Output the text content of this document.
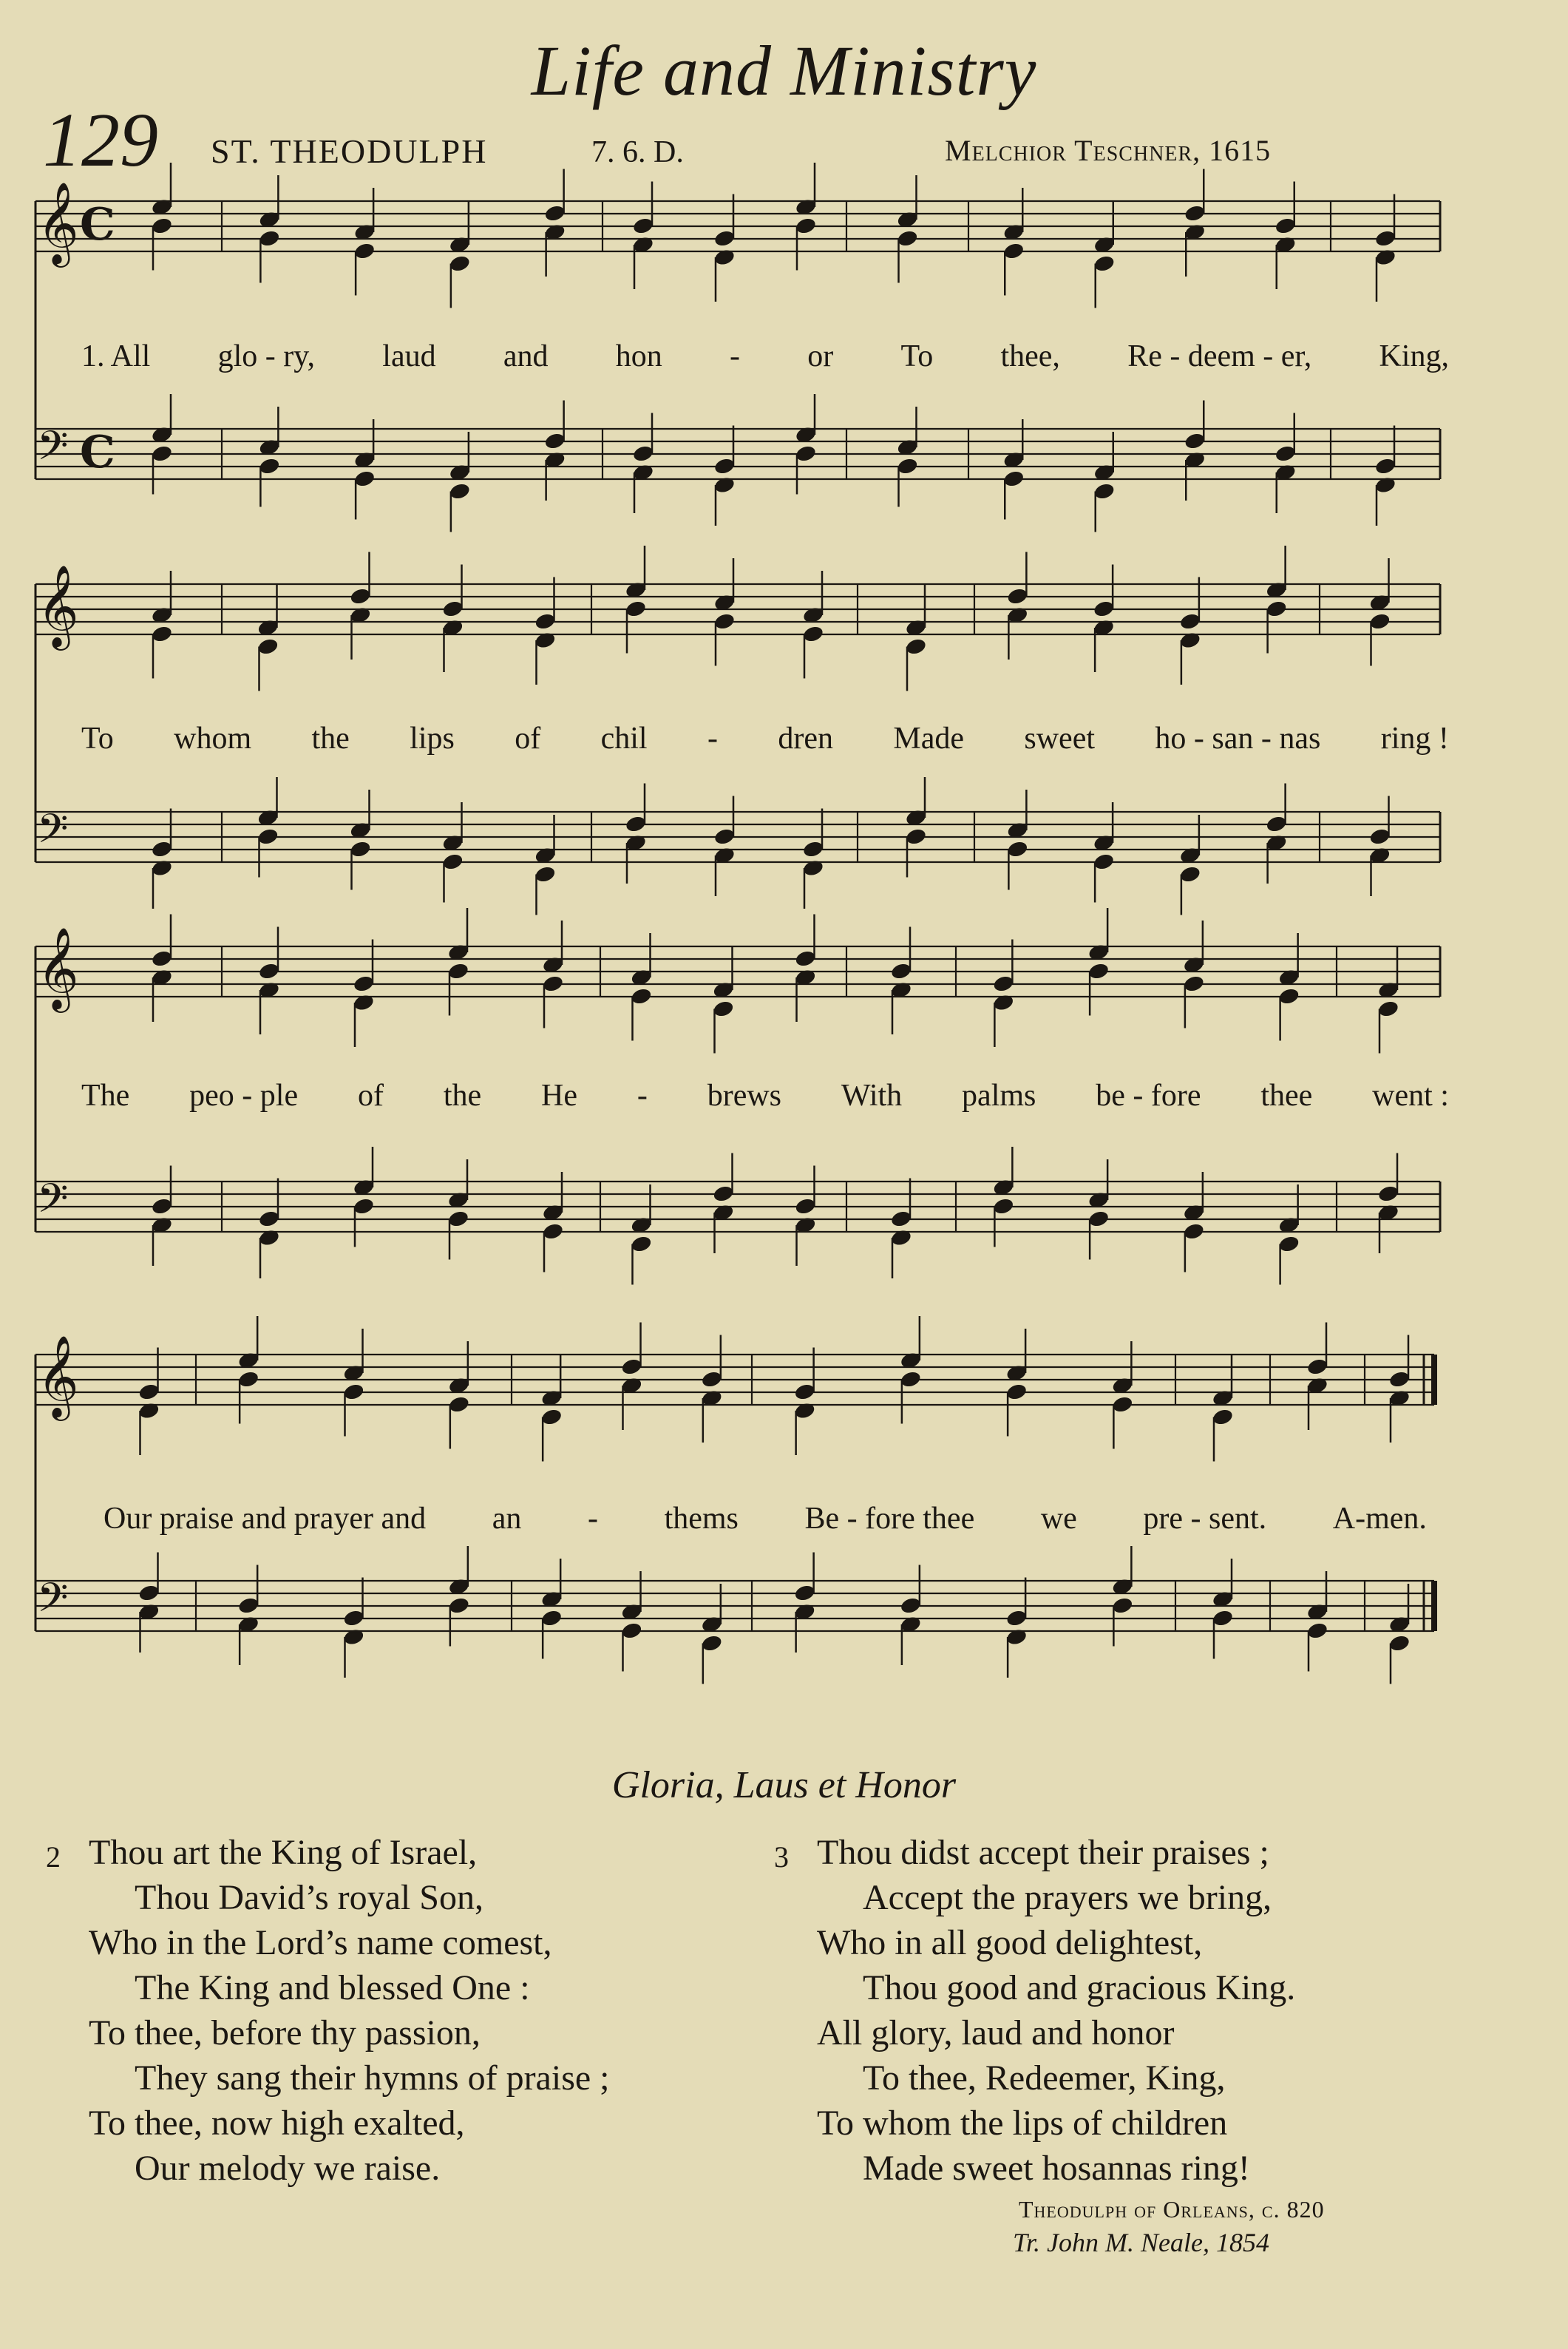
Life and Ministry
129 ST. THEODULPH	7. 6. D.	Melchior Teschner, 1615
𝄞 C
𝄢 C
𝄞
𝄢
𝄞
𝄢
𝄞
𝄢
1. All glo - ry, laud and hon - or To thee, Re - deem - er, King,
To whom the lips of chil - dren Made sweet ho - san - nas ring !
The peo - ple of the He - brews With palms be - fore thee went :
Our praise and prayer and an - thems Be - fore thee we pre - sent. A-men.
Gloria, Laus et Honor
2 Thou art the King of Israel,
Thou David’s royal Son,
Who in the Lord’s name comest,
The King and blessed One :
To thee, before thy passion,
They sang their hymns of praise ;
To thee, now high exalted,
Our melody we raise.
3 Thou didst accept their praises ;
Accept the prayers we bring,
Who in all good delightest,
Thou good and gracious King.
All glory, laud and honor
To thee, Redeemer, King,
To whom the lips of children
Made sweet hosannas ring!
Theodulph of Orleans, c. 820
Tr. John M. Neale, 1854
